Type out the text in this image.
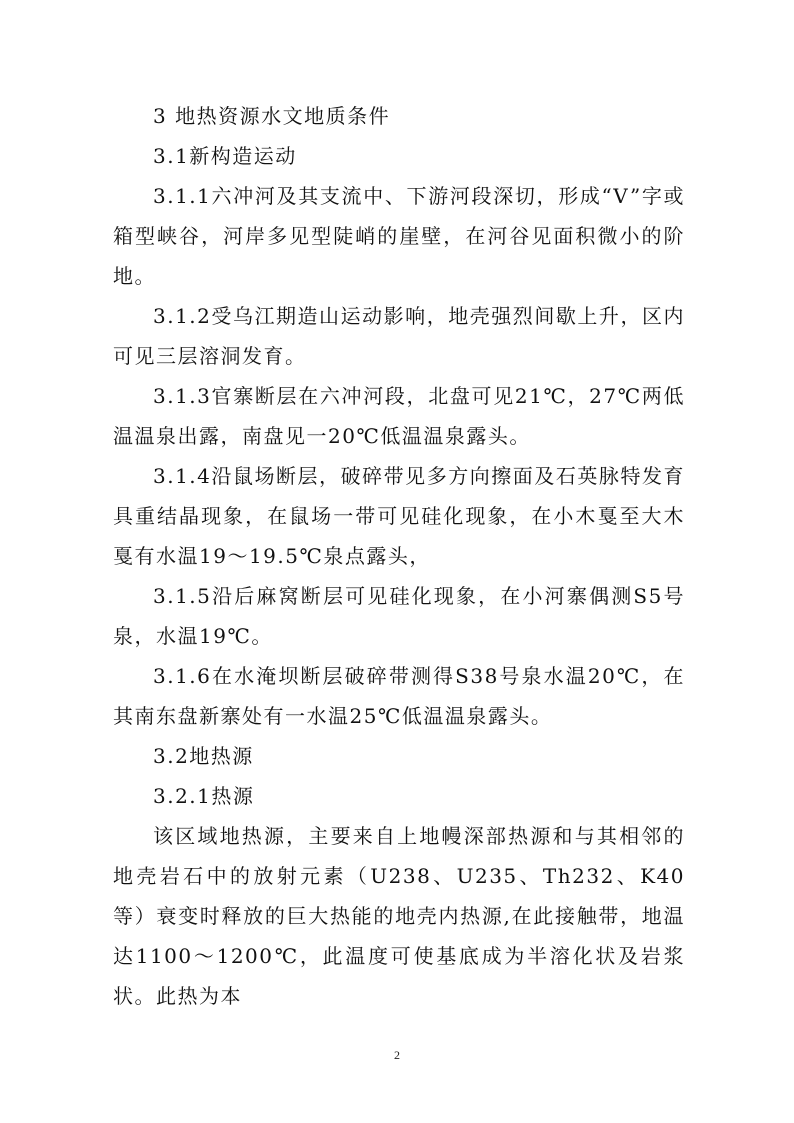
3 地热资源水文地质条件

3.1新构造运动

3.1.1六冲河及其支流中、下游河段深切，形成“V”字或箱型峡谷，河岸多见型陡峭的崖壁，在河谷见面积微小的阶地。

3.1.2受乌江期造山运动影响，地壳强烈间歇上升，区内可见三层溶洞发育。

3.1.3官寨断层在六冲河段，北盘可见21℃，27℃两低温温泉出露，南盘见一20℃低温温泉露头。

3.1.4沿鼠场断层，破碎带见多方向擦面及石英脉特发育具重结晶现象，在鼠场一带可见硅化现象，在小木戛至大木戛有水温19～19.5℃泉点露头，

3.1.5沿后麻窝断层可见硅化现象，在小河寨偶测S5号泉，水温19℃。

3.1.6在水淹坝断层破碎带测得S38号泉水温20℃，在其南东盘新寨处有一水温25℃低温温泉露头。

3.2地热源

3.2.1热源

该区域地热源，主要来自上地幔深部热源和与其相邻的地壳岩石中的放射元素（U238、U235、Th232、K40等）衰变时释放的巨大热能的地壳内热源,在此接触带，地温达1100～1200℃，此温度可使基底成为半溶化状及岩浆状。此热为本

2
